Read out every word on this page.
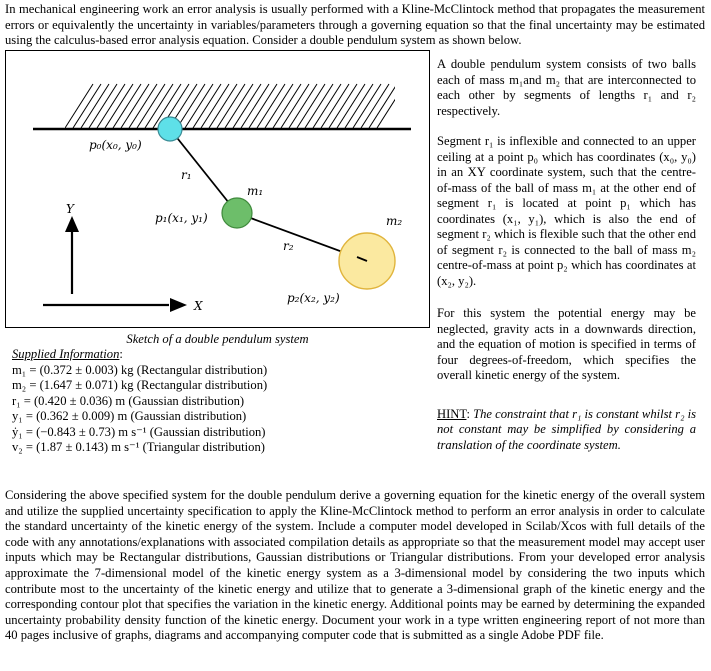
In mechanical engineering work an error analysis is usually performed with a Kline-McClintock method that propagates the measurement errors or equivalently the uncertainty in variables/parameters through a governing equation so that the final uncertainty may be estimated using the calculus-based error analysis equation. Consider a double pendulum system as shown below.
p₀(x₀, y₀)
r₁
m₁
p₁(x₁, y₁)	m₂
r₂
p₂(x₂, y₂)
Y
X
Sketch of a double pendulum system
Supplied Information:
m₁ = (0.372 ± 0.003) kg (Rectangular distribution)
m₂ = (1.647 ± 0.071) kg (Rectangular distribution)
r₁ = (0.420 ± 0.036) m (Gaussian distribution)
y₁ = (0.362 ± 0.009) m (Gaussian distribution)
ẏ₁ = (−0.843 ± 0.73) m s⁻¹ (Gaussian distribution)
v₂ = (1.87 ± 0.143) m s⁻¹ (Triangular distribution)

A double pendulum system consists of two balls each of mass m₁and m₂ that are interconnected to each other by segments of lengths r₁ and r₂ respectively.

Segment r₁ is inflexible and connected to an upper ceiling at a point p₀ which has coordinates (x₀, y₀) in an XY coordinate system, such that the centre-of-mass of the ball of mass m₁ at the other end of segment r₁ is located at point p₁ which has coordinates (x₁, y₁), which is also the end of segment r₂ which is flexible such that the other end of segment r₂ is connected to the ball of mass m₂ centre-of-mass at point p₂ which has coordinates at (x₂, y₂).

For this system the potential energy may be neglected, gravity acts in a downwards direction, and the equation of motion is specified in terms of four degrees-of-freedom, which specifies the overall kinetic energy of the system.

HINT: The constraint that r₁ is constant whilst r₂ is not constant may be simplified by considering a translation of the coordinate system.

Considering the above specified system for the double pendulum derive a governing equation for the kinetic energy of the overall system and utilize the supplied uncertainty specification to apply the Kline-McClintock method to perform an error analysis in order to calculate the standard uncertainty of the kinetic energy of the system. Include a computer model developed in Scilab/Xcos with full details of the code with any annotations/explanations with associated compilation details as appropriate so that the measurement model may accept user inputs which may be Rectangular distributions, Gaussian distributions or Triangular distributions. From your developed error analysis approximate the 7-dimensional model of the kinetic energy system as a 3-dimensional model by considering the two inputs which contribute most to the uncertainty of the kinetic energy and utilize that to generate a 3-dimensional graph of the kinetic energy and the corresponding contour plot that specifies the variation in the kinetic energy. Additional points may be earned by determining the expanded uncertainty probability density function of the kinetic energy. Document your work in a type written engineering report of not more than 40 pages inclusive of graphs, diagrams and accompanying computer code that is submitted as a single Adobe PDF file.
